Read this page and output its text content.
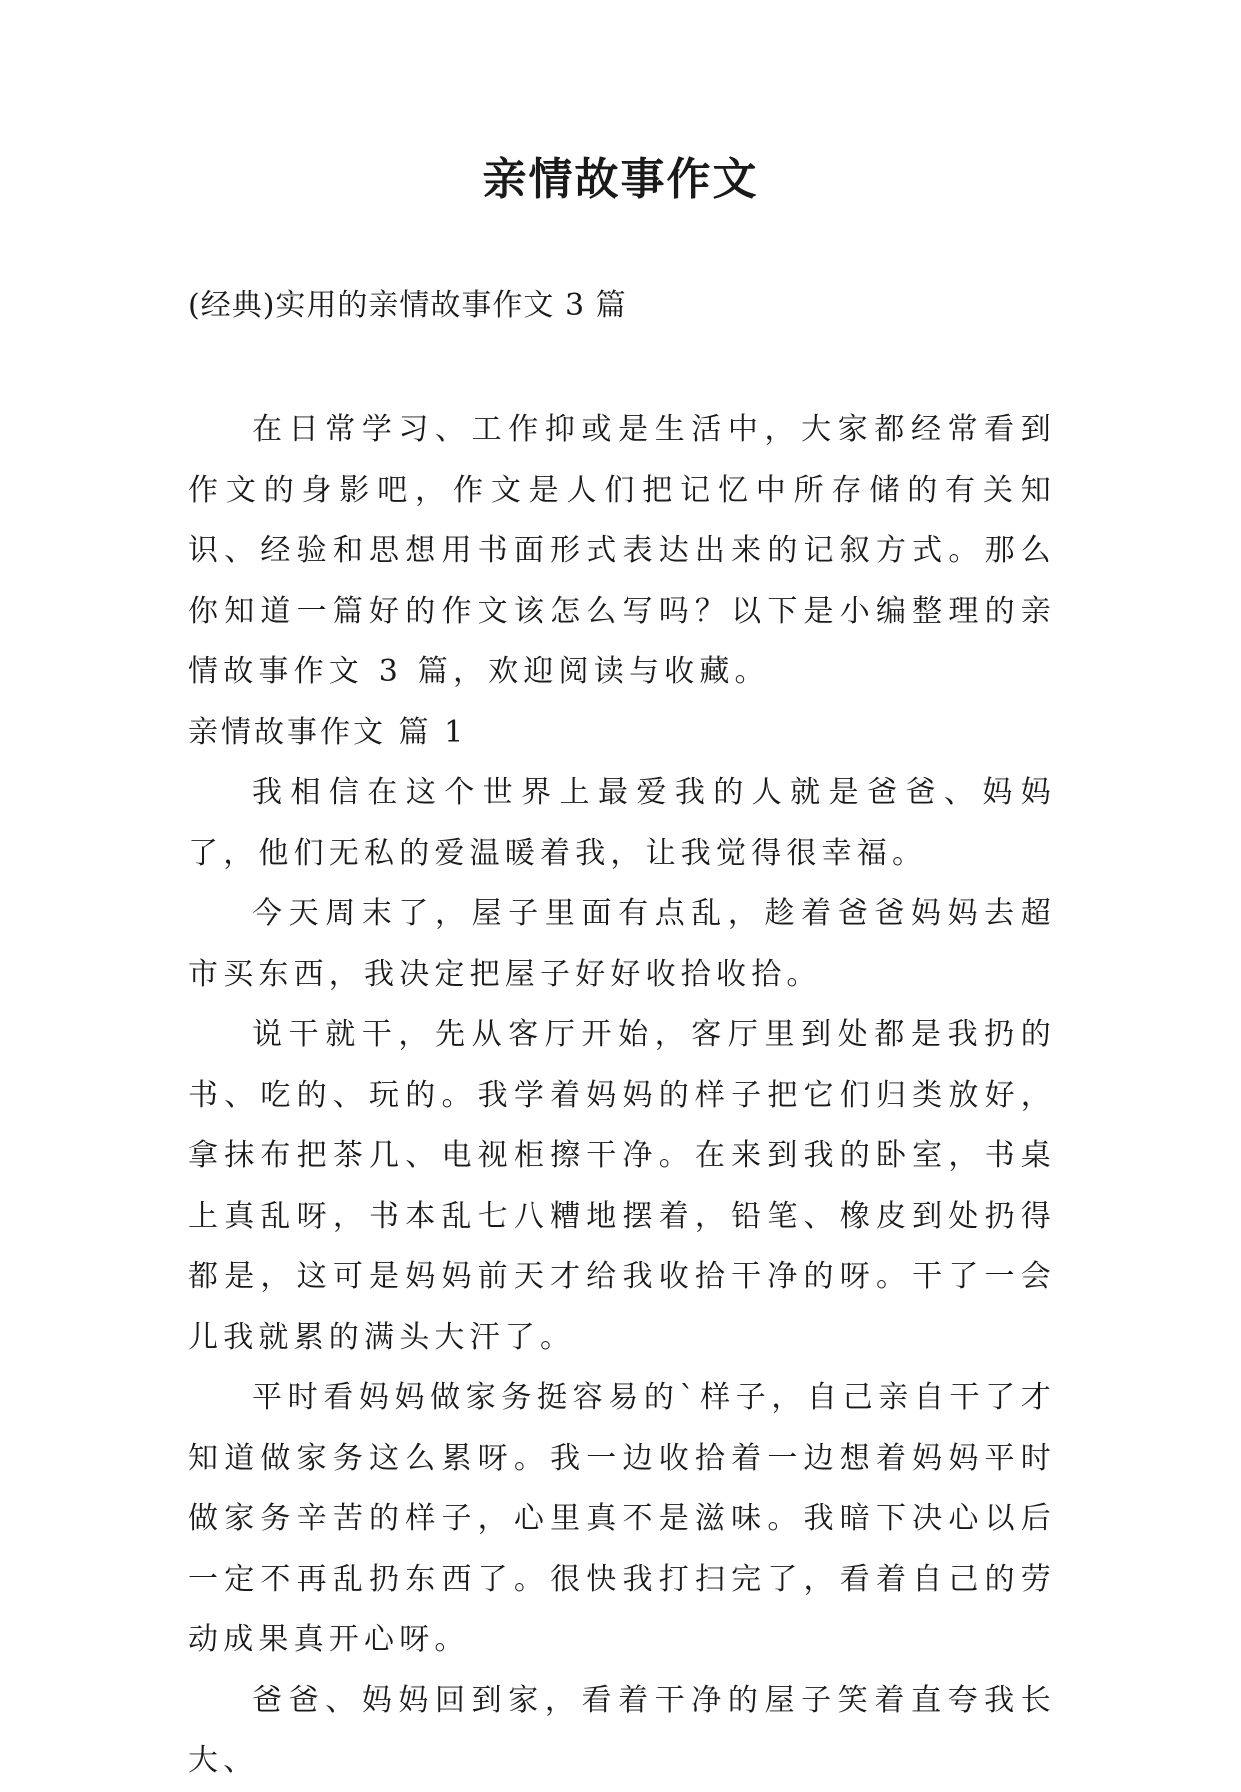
亲情故事作文

(经典)实用的亲情故事作文 3 篇

在日常学习、工作抑或是生活中，大家都经常看到作文的身影吧，作文是人们把记忆中所存储的有关知识、经验和思想用书面形式表达出来的记叙方式。那么你知道一篇好的作文该怎么写吗？以下是小编整理的亲情故事作文 3 篇，欢迎阅读与收藏。

亲情故事作文 篇 1

我相信在这个世界上最爱我的人就是爸爸、妈妈了，他们无私的爱温暖着我，让我觉得很幸福。

今天周末了，屋子里面有点乱，趁着爸爸妈妈去超市买东西，我决定把屋子好好收拾收拾。

说干就干，先从客厅开始，客厅里到处都是我扔的书、吃的、玩的。我学着妈妈的样子把它们归类放好，拿抹布把茶几、电视柜擦干净。在来到我的卧室，书桌上真乱呀，书本乱七八糟地摆着，铅笔、橡皮到处扔得都是，这可是妈妈前天才给我收拾干净的呀。干了一会儿我就累的满头大汗了。

平时看妈妈做家务挺容易的`样子，自己亲自干了才知道做家务这么累呀。我一边收拾着一边想着妈妈平时做家务辛苦的样子，心里真不是滋味。我暗下决心以后一定不再乱扔东西了。很快我打扫完了，看着自己的劳动成果真开心呀。

爸爸、妈妈回到家，看着干净的屋子笑着直夸我长大、
